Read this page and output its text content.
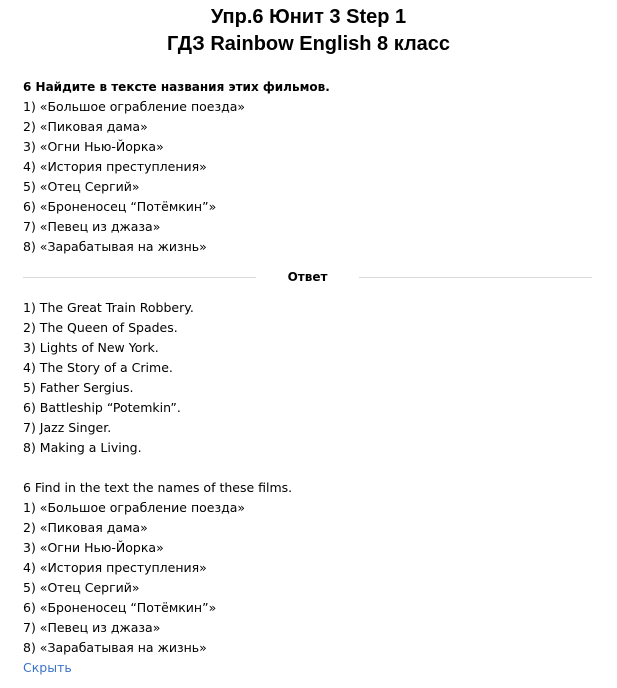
Упр.6 Юнит 3 Step 1
ГДЗ Rainbow English 8 класс
6 Найдите в тексте названия этих фильмов.
1) «Большое ограбление поезда»
2) «Пиковая дама»
3) «Огни Нью-Йорка»
4) «История преступления»
5) «Отец Сергий»
6) «Броненосец “Потёмкин”»
7) «Певец из джаза»
8) «Зарабатывая на жизнь»
Ответ
1) The Great Train Robbery.
2) The Queen of Spades.
3) Lights of New York.
4) The Story of a Crime.
5) Father Sergius.
6) Battleship “Potemkin”.
7) Jazz Singer.
8) Making a Living.
6 Find in the text the names of these films.
1) «Большое ограбление поезда»
2) «Пиковая дама»
3) «Огни Нью-Йорка»
4) «История преступления»
5) «Отец Сергий»
6) «Броненосец “Потёмкин”»
7) «Певец из джаза»
8) «Зарабатывая на жизнь»
Скрыть
